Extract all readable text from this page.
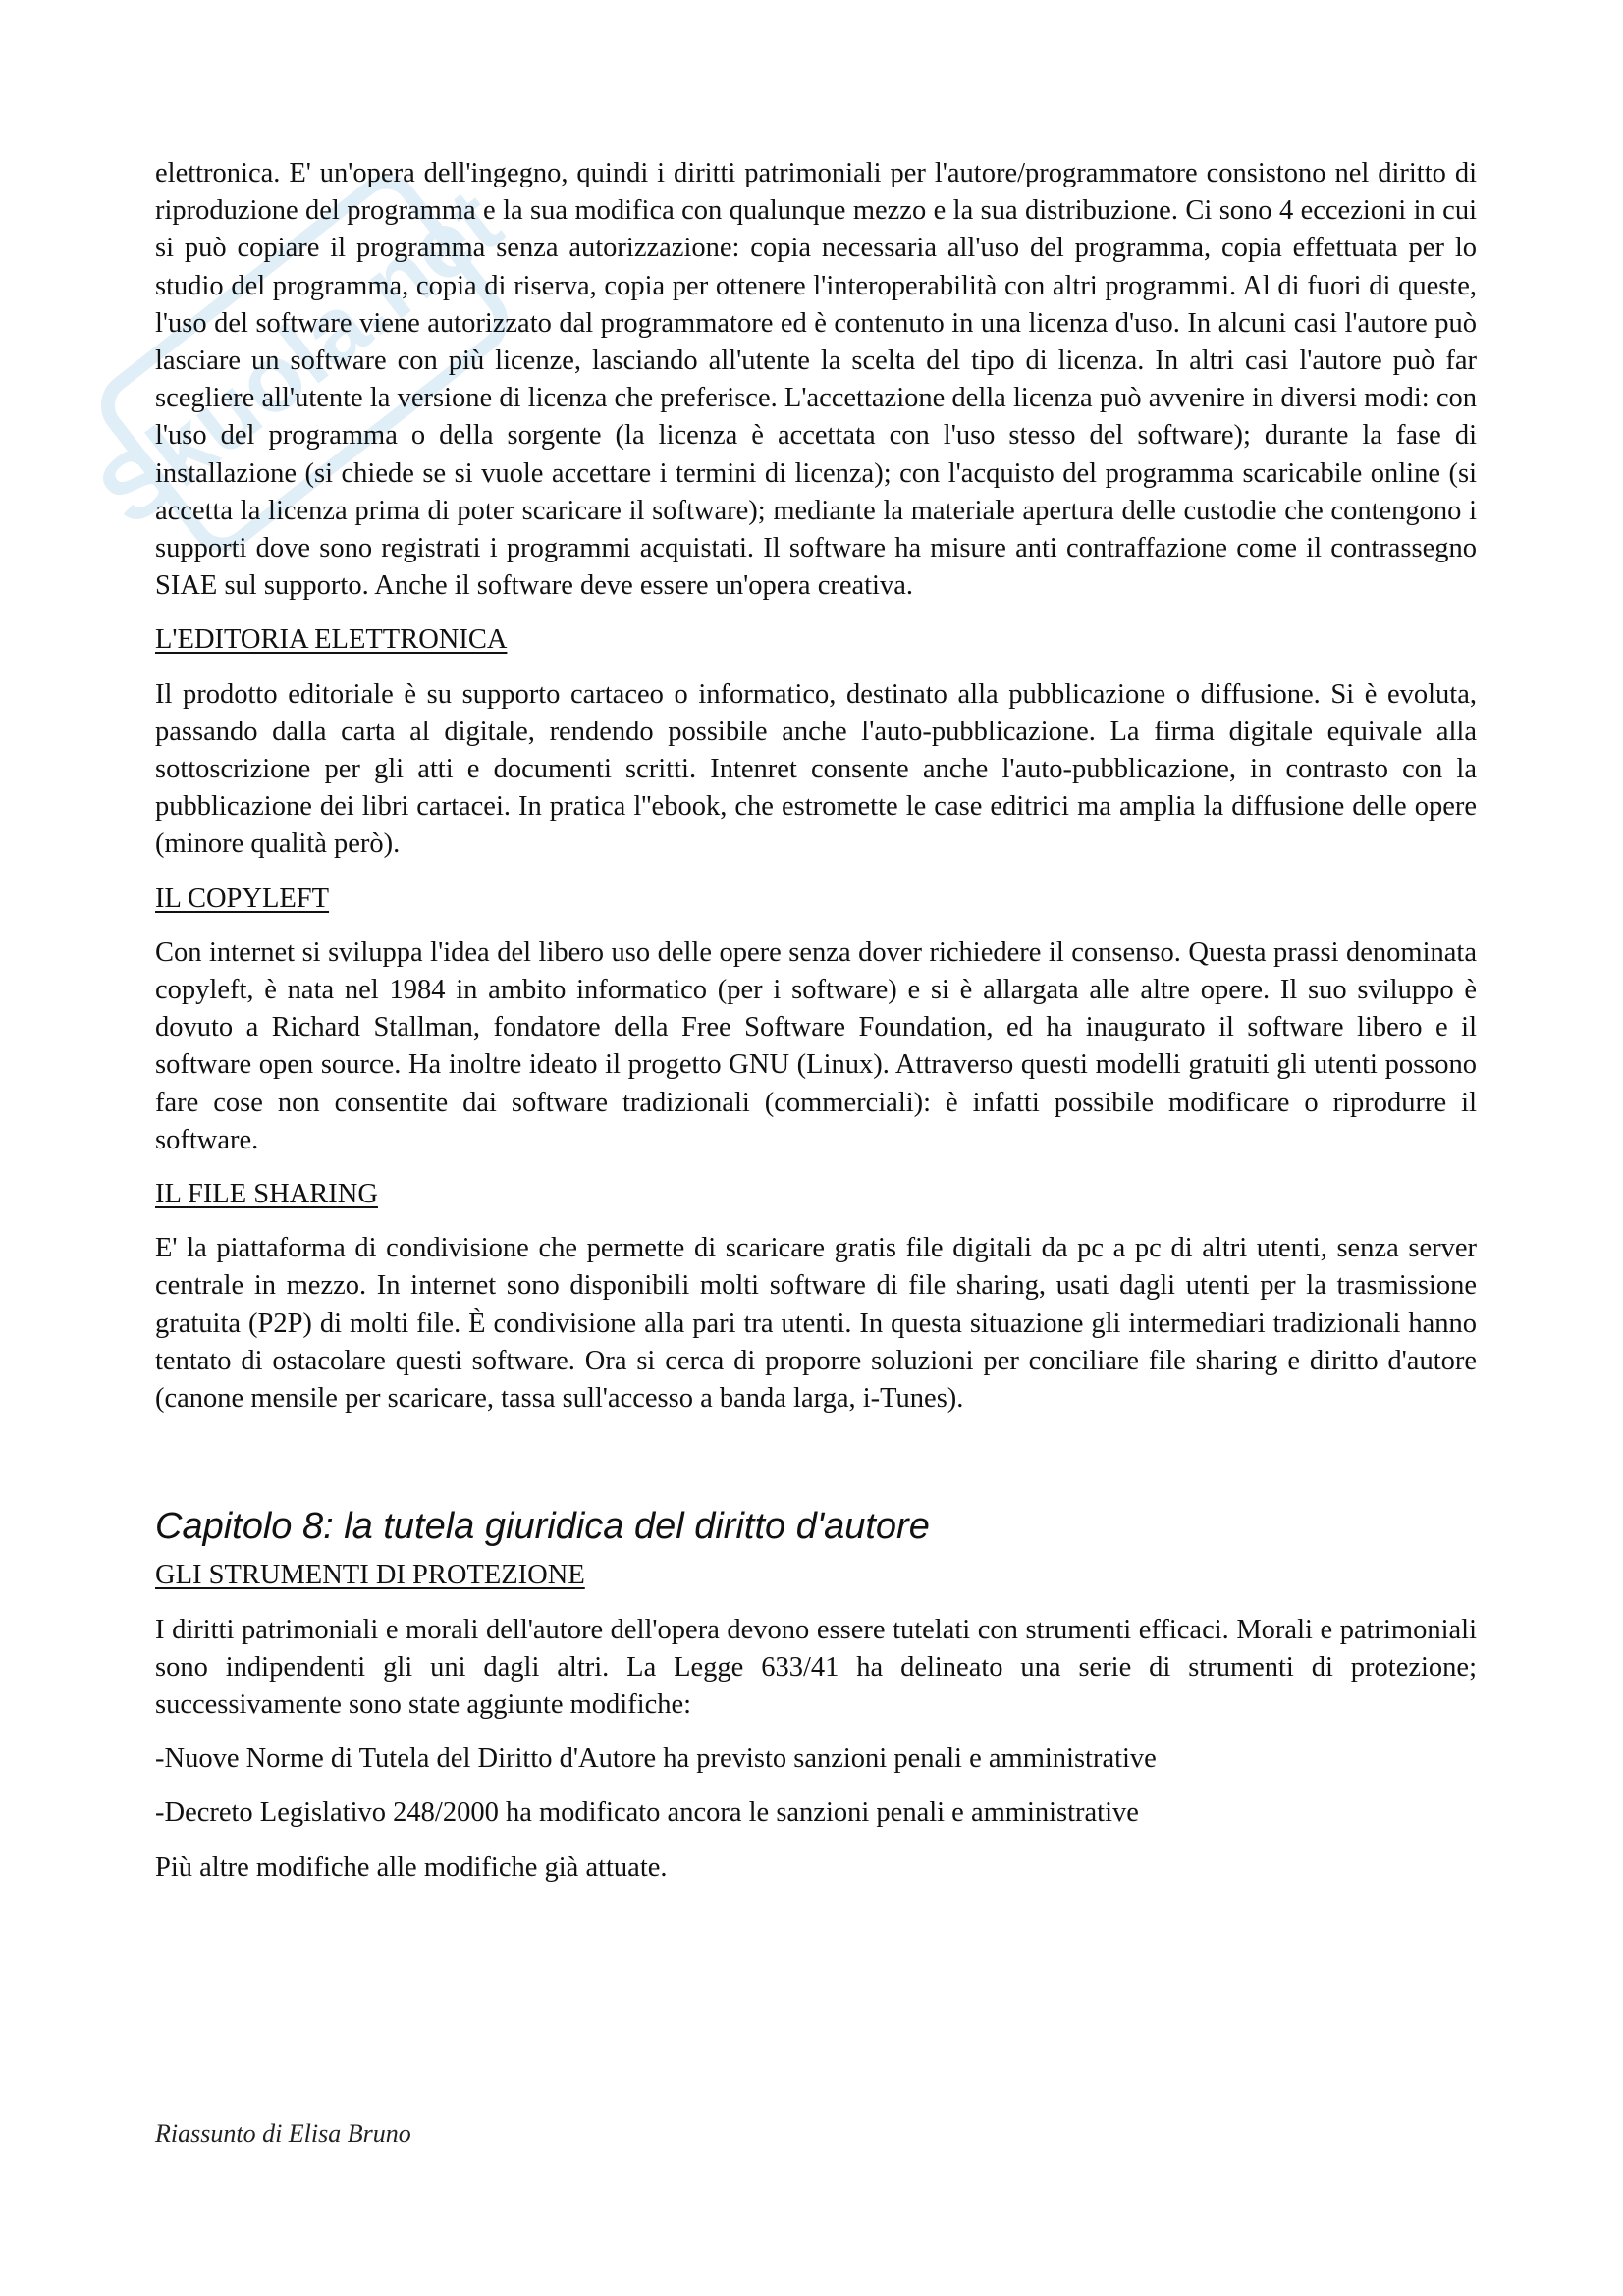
Skuola.net

elettronica. E' un'opera dell'ingegno, quindi i diritti patrimoniali per l'autore/programmatore consistono nel diritto di riproduzione del programma e la sua modifica con qualunque mezzo e la sua distribuzione. Ci sono 4 eccezioni in cui si può copiare il programma senza autorizzazione: copia necessaria all'uso del programma, copia effettuata per lo studio del programma, copia di riserva, copia per ottenere l'interoperabilità con altri programmi. Al di fuori di queste, l'uso del software viene autorizzato dal programmatore ed è contenuto in una licenza d'uso. In alcuni casi l'autore può lasciare un software con più licenze, lasciando all'utente la scelta del tipo di licenza. In altri casi l'autore può far scegliere all'utente la versione di licenza che preferisce. L'accettazione della licenza può avvenire in diversi modi: con l'uso del programma o della sorgente (la licenza è accettata con l'uso stesso del software); durante la fase di installazione (si chiede se si vuole accettare i termini di licenza); con l'acquisto del programma scaricabile online (si accetta la licenza prima di poter scaricare il software); mediante la materiale apertura delle custodie che contengono i supporti dove sono registrati i programmi acquistati. Il software ha misure anti contraffazione come il contrassegno SIAE sul supporto. Anche il software deve essere un'opera creativa.

L'EDITORIA ELETTRONICA

Il prodotto editoriale è su supporto cartaceo o informatico, destinato alla pubblicazione o diffusione. Si è evoluta, passando dalla carta al digitale, rendendo possibile anche l'auto-pubblicazione. La firma digitale equivale alla sottoscrizione per gli atti e documenti scritti. Intenret consente anche l'auto-pubblicazione, in contrasto con la pubblicazione dei libri cartacei. In pratica l''ebook, che estromette le case editrici ma amplia la diffusione delle opere (minore qualità però).

IL COPYLEFT

Con internet si sviluppa l'idea del libero uso delle opere senza dover richiedere il consenso. Questa prassi denominata copyleft, è nata nel 1984 in ambito informatico (per i software) e si è allargata alle altre opere. Il suo sviluppo è dovuto a Richard Stallman, fondatore della Free Software Foundation, ed ha inaugurato il software libero e il software open source. Ha inoltre ideato il progetto GNU (Linux). Attraverso questi modelli gratuiti gli utenti possono fare cose non consentite dai software tradizionali (commerciali): è infatti possibile modificare o riprodurre il software.

IL FILE SHARING

E' la piattaforma di condivisione che permette di scaricare gratis file digitali da pc a pc di altri utenti, senza server centrale in mezzo. In internet sono disponibili molti software di file sharing, usati dagli utenti per la trasmissione gratuita (P2P) di molti file. È condivisione alla pari tra utenti. In questa situazione gli intermediari tradizionali hanno tentato di ostacolare questi software. Ora si cerca di proporre soluzioni per conciliare file sharing e diritto d'autore (canone mensile per scaricare, tassa sull'accesso a banda larga, i-Tunes).

Capitolo 8: la tutela giuridica del diritto d'autore
GLI STRUMENTI DI PROTEZIONE

I diritti patrimoniali e morali dell'autore dell'opera devono essere tutelati con strumenti efficaci. Morali e patrimoniali sono indipendenti gli uni dagli altri. La Legge 633/41 ha delineato una serie di strumenti di protezione; successivamente sono state aggiunte modifiche:

-Nuove Norme di Tutela del Diritto d'Autore ha previsto sanzioni penali e amministrative
-Decreto Legislativo 248/2000 ha modificato ancora le sanzioni penali e amministrative
Più altre modifiche alle modifiche già attuate.
Riassunto di Elisa Bruno
